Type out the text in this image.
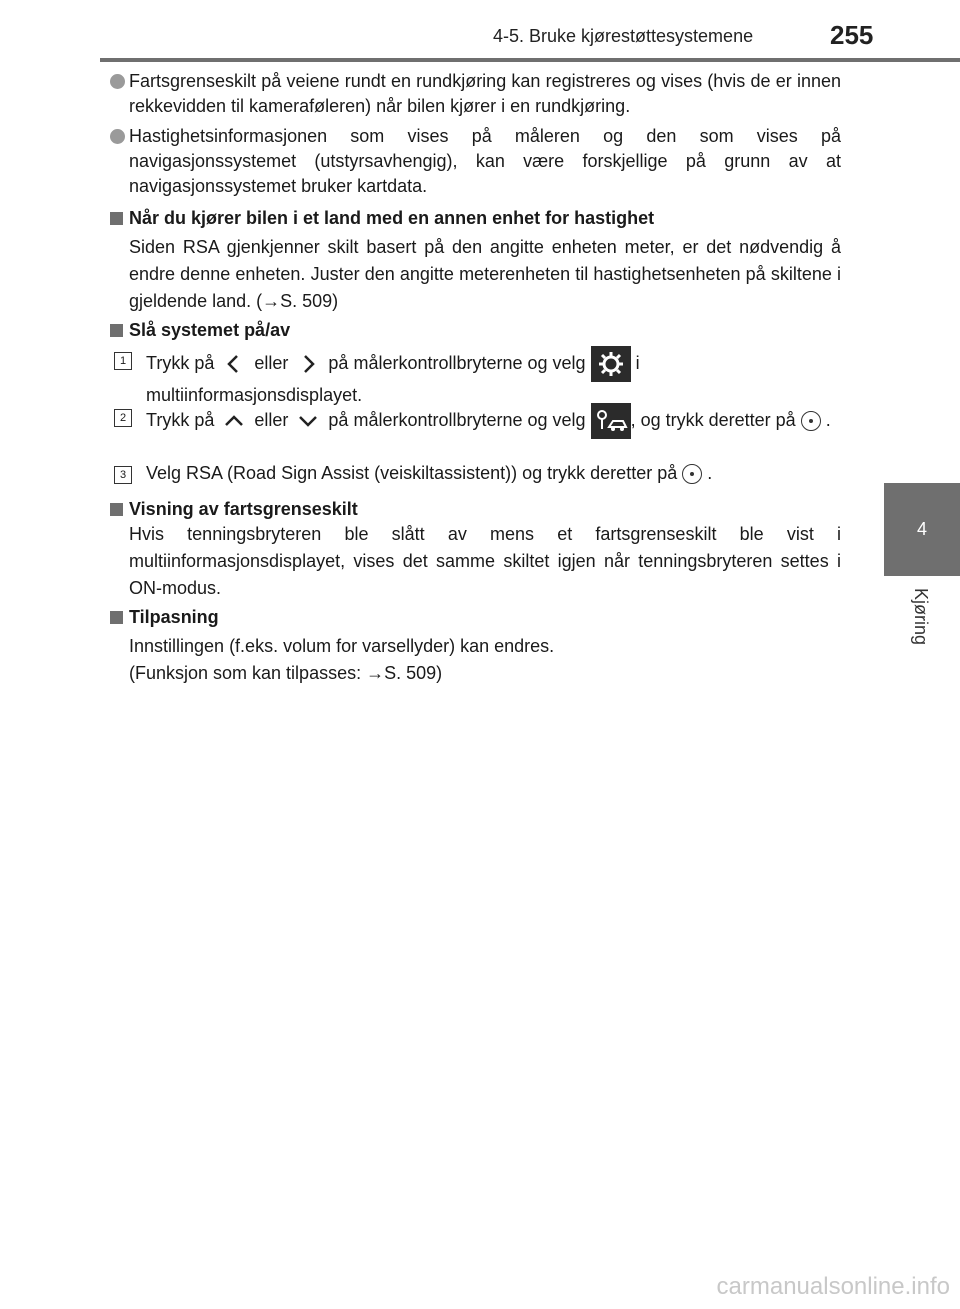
4-5. Bruke kjørestøttesystemene	255
4
Kjøring
Fartsgrenseskilt på veiene rundt en rundkjøring kan registreres og vises (hvis de er innen rekkevidden til kameraføleren) når bilen kjører i en rundkjøring.
Hastighetsinformasjonen som vises på måleren og den som vises på navigasjonssystemet (utstyrsavhengig), kan være forskjellige på grunn av at navigasjonssystemet bruker kartdata.
Når du kjører bilen i et land med en annen enhet for hastighet
Siden RSA gjenkjenner skilt basert på den angitte enheten meter, er det nødvendig å endre denne enheten. Juster den angitte meterenheten til hastighetsenheten på skiltene i gjeldende land. (→S. 509)
Slå systemet på/av
1	Trykk på eller på målerkontrollbryterne og velg	i multiinformasjonsdisplayet.
2	Trykk på eller på målerkontrollbryterne og velg	, og trykk deretter på .
3	Velg RSA (Road Sign Assist (veiskiltassistent)) og trykk deretter på .
Visning av fartsgrenseskilt
Hvis tenningsbryteren ble slått av mens et fartsgrenseskilt ble vist i multiinformasjonsdisplayet, vises det samme skiltet igjen når tenningsbryteren settes i ON-modus.
Tilpasning
Innstillingen (f.eks. volum for varsellyder) kan endres.
(Funksjon som kan tilpasses: →S. 509)
carmanualsonline.info
